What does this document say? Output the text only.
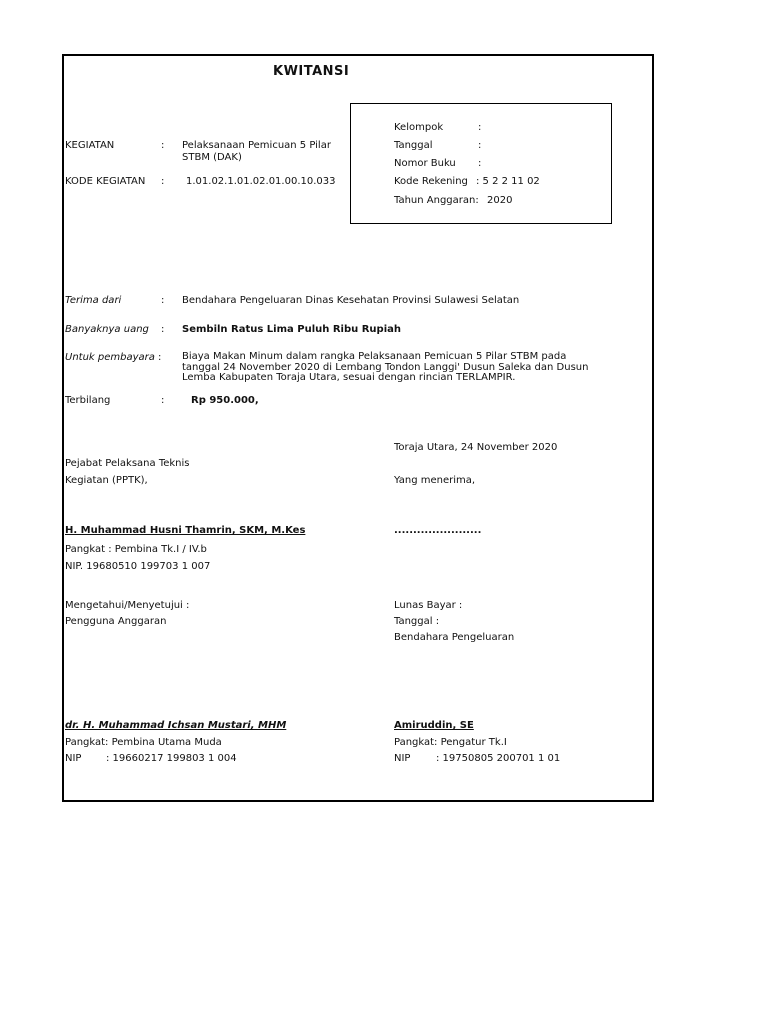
KWITANSI
Kelompok	:
Tanggal	:
Nomor Buku :
Kode Rekening : 5 2 2 11 02
Tahun Anggaran: 2020
KEGIATAN	: Pelaksanaan Pemicuan 5 Pilar STBM (DAK)
KODE KEGIATAN : 1.01.02.1.01.02.01.00.10.033
Terima dari	: Bendahara Pengeluaran Dinas Kesehatan Provinsi Sulawesi Selatan
Banyaknya uang : Sembiln Ratus Lima Puluh Ribu Rupiah
Untuk pembayara : Biaya Makan Minum dalam rangka Pelaksanaan Pemicuan 5 Pilar STBM pada tanggal 24 November 2020 di Lembang Tondon Langgi' Dusun Saleka dan Dusun Lemba Kabupaten Toraja Utara, sesuai dengan rincian TERLAMPIR.
Terbilang	:	Rp 950.000,
Toraja Utara, 24 November 2020
Pejabat Pelaksana Teknis
Kegiatan (PPTK),	Yang menerima,
H. Muhammad Husni Thamrin, SKM, M.Kes	.......................
Pangkat : Pembina Tk.I / IV.b
NIP. 19680510 199703 1 007
Mengetahui/Menyetujui :	Lunas Bayar :
Pengguna Anggaran	Tanggal :
Bendahara Pengeluaran
dr. H. Muhammad Ichsan Mustari, MHM	Amiruddin, SE
Pangkat: Pembina Utama Muda	Pangkat: Pengatur Tk.I
NIP : 19660217 199803 1 004	NIP	: 19750805 200701 1 01
